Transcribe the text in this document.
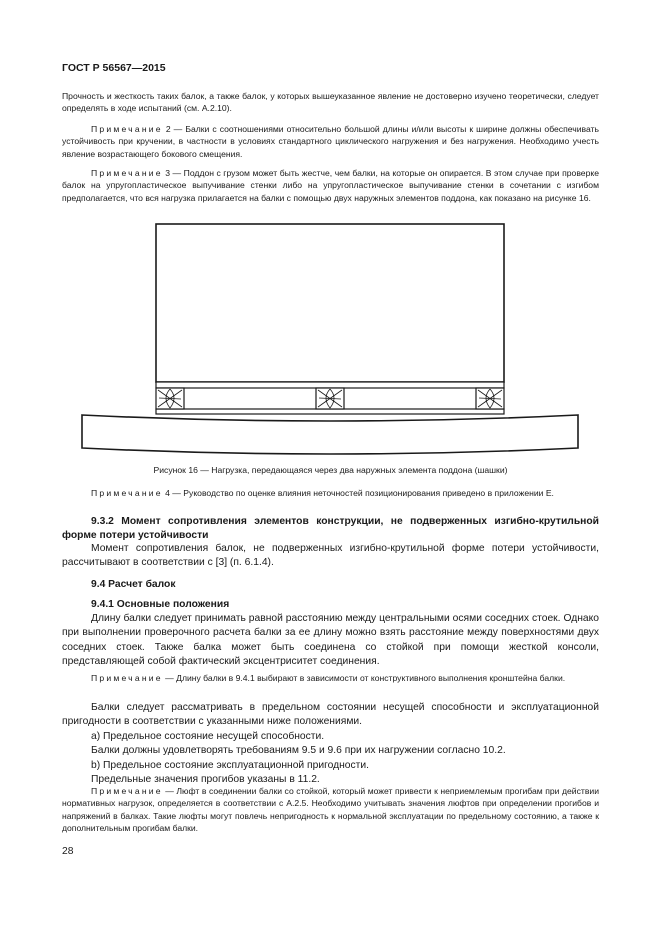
ГОСТ Р 56567—2015

Прочность и жесткость таких балок, а также балок, у которых вышеуказанное явление не достоверно изучено теоретически, следует определять в ходе испытаний (см. А.2.10).

Примечание 2 — Балки с соотношениями относительно большой длины и/или высоты к ширине должны обеспечивать устойчивость при кручении, в частности в условиях стандартного циклического нагружения и без нагружения. Необходимо учесть явление возрастающего бокового смещения.
Примечание 3 — Поддон с грузом может быть жестче, чем балки, на которые он опирается. В этом случае при проверке балок на упругопластическое выпучивание стенки либо на упругопластическое выпучивание стенки в сочетании с изгибом предполагается, что вся нагрузка прилагается на балки с помощью двух наружных элементов поддона, как показано на рисунке 16.
Рисунок 16 — Нагрузка, передающаяся через два наружных элемента поддона (шашки)
Примечание 4 — Руководство по оценке влияния неточностей позиционирования приведено в приложении Е.
9.3.2 Момент сопротивления элементов конструкции, не подверженных изгибно-крутильной форме потери устойчивости
Момент сопротивления балок, не подверженных изгибно-крутильной форме потери устойчивости, рассчитывают в соответствии с [3] (п. 6.1.4).
9.4 Расчет балок
9.4.1 Основные положения
Длину балки следует принимать равной расстоянию между центральными осями соседних стоек. Однако при выполнении проверочного расчета балки за ее длину можно взять расстояние между поверхностями двух соседних стоек. Также балка может быть соединена со стойкой при помощи жесткой консоли, представляющей собой фактический эксцентриситет соединения.
Примечание — Длину балки в 9.4.1 выбирают в зависимости от конструктивного выполнения кронштейна балки.
Балки следует рассматривать в предельном состоянии несущей способности и эксплуатационной пригодности в соответствии с указанными ниже положениями.

a) Предельное состояние несущей способности.

Балки должны удовлетворять требованиям 9.5 и 9.6 при их нагружении согласно 10.2.

b) Предельное состояние эксплуатационной пригодности.

Предельные значения прогибов указаны в 11.2.

Примечание — Люфт в соединении балки со стойкой, который может привести к неприемлемым прогибам при действии нормативных нагрузок, определяется в соответствии с А.2.5. Необходимо учитывать значения люфтов при определении прогибов и напряжений в балках. Такие люфты могут повлечь непригодность к нормальной эксплуатации по предельному состоянию, а также к дополнительным прогибам балки.
28
